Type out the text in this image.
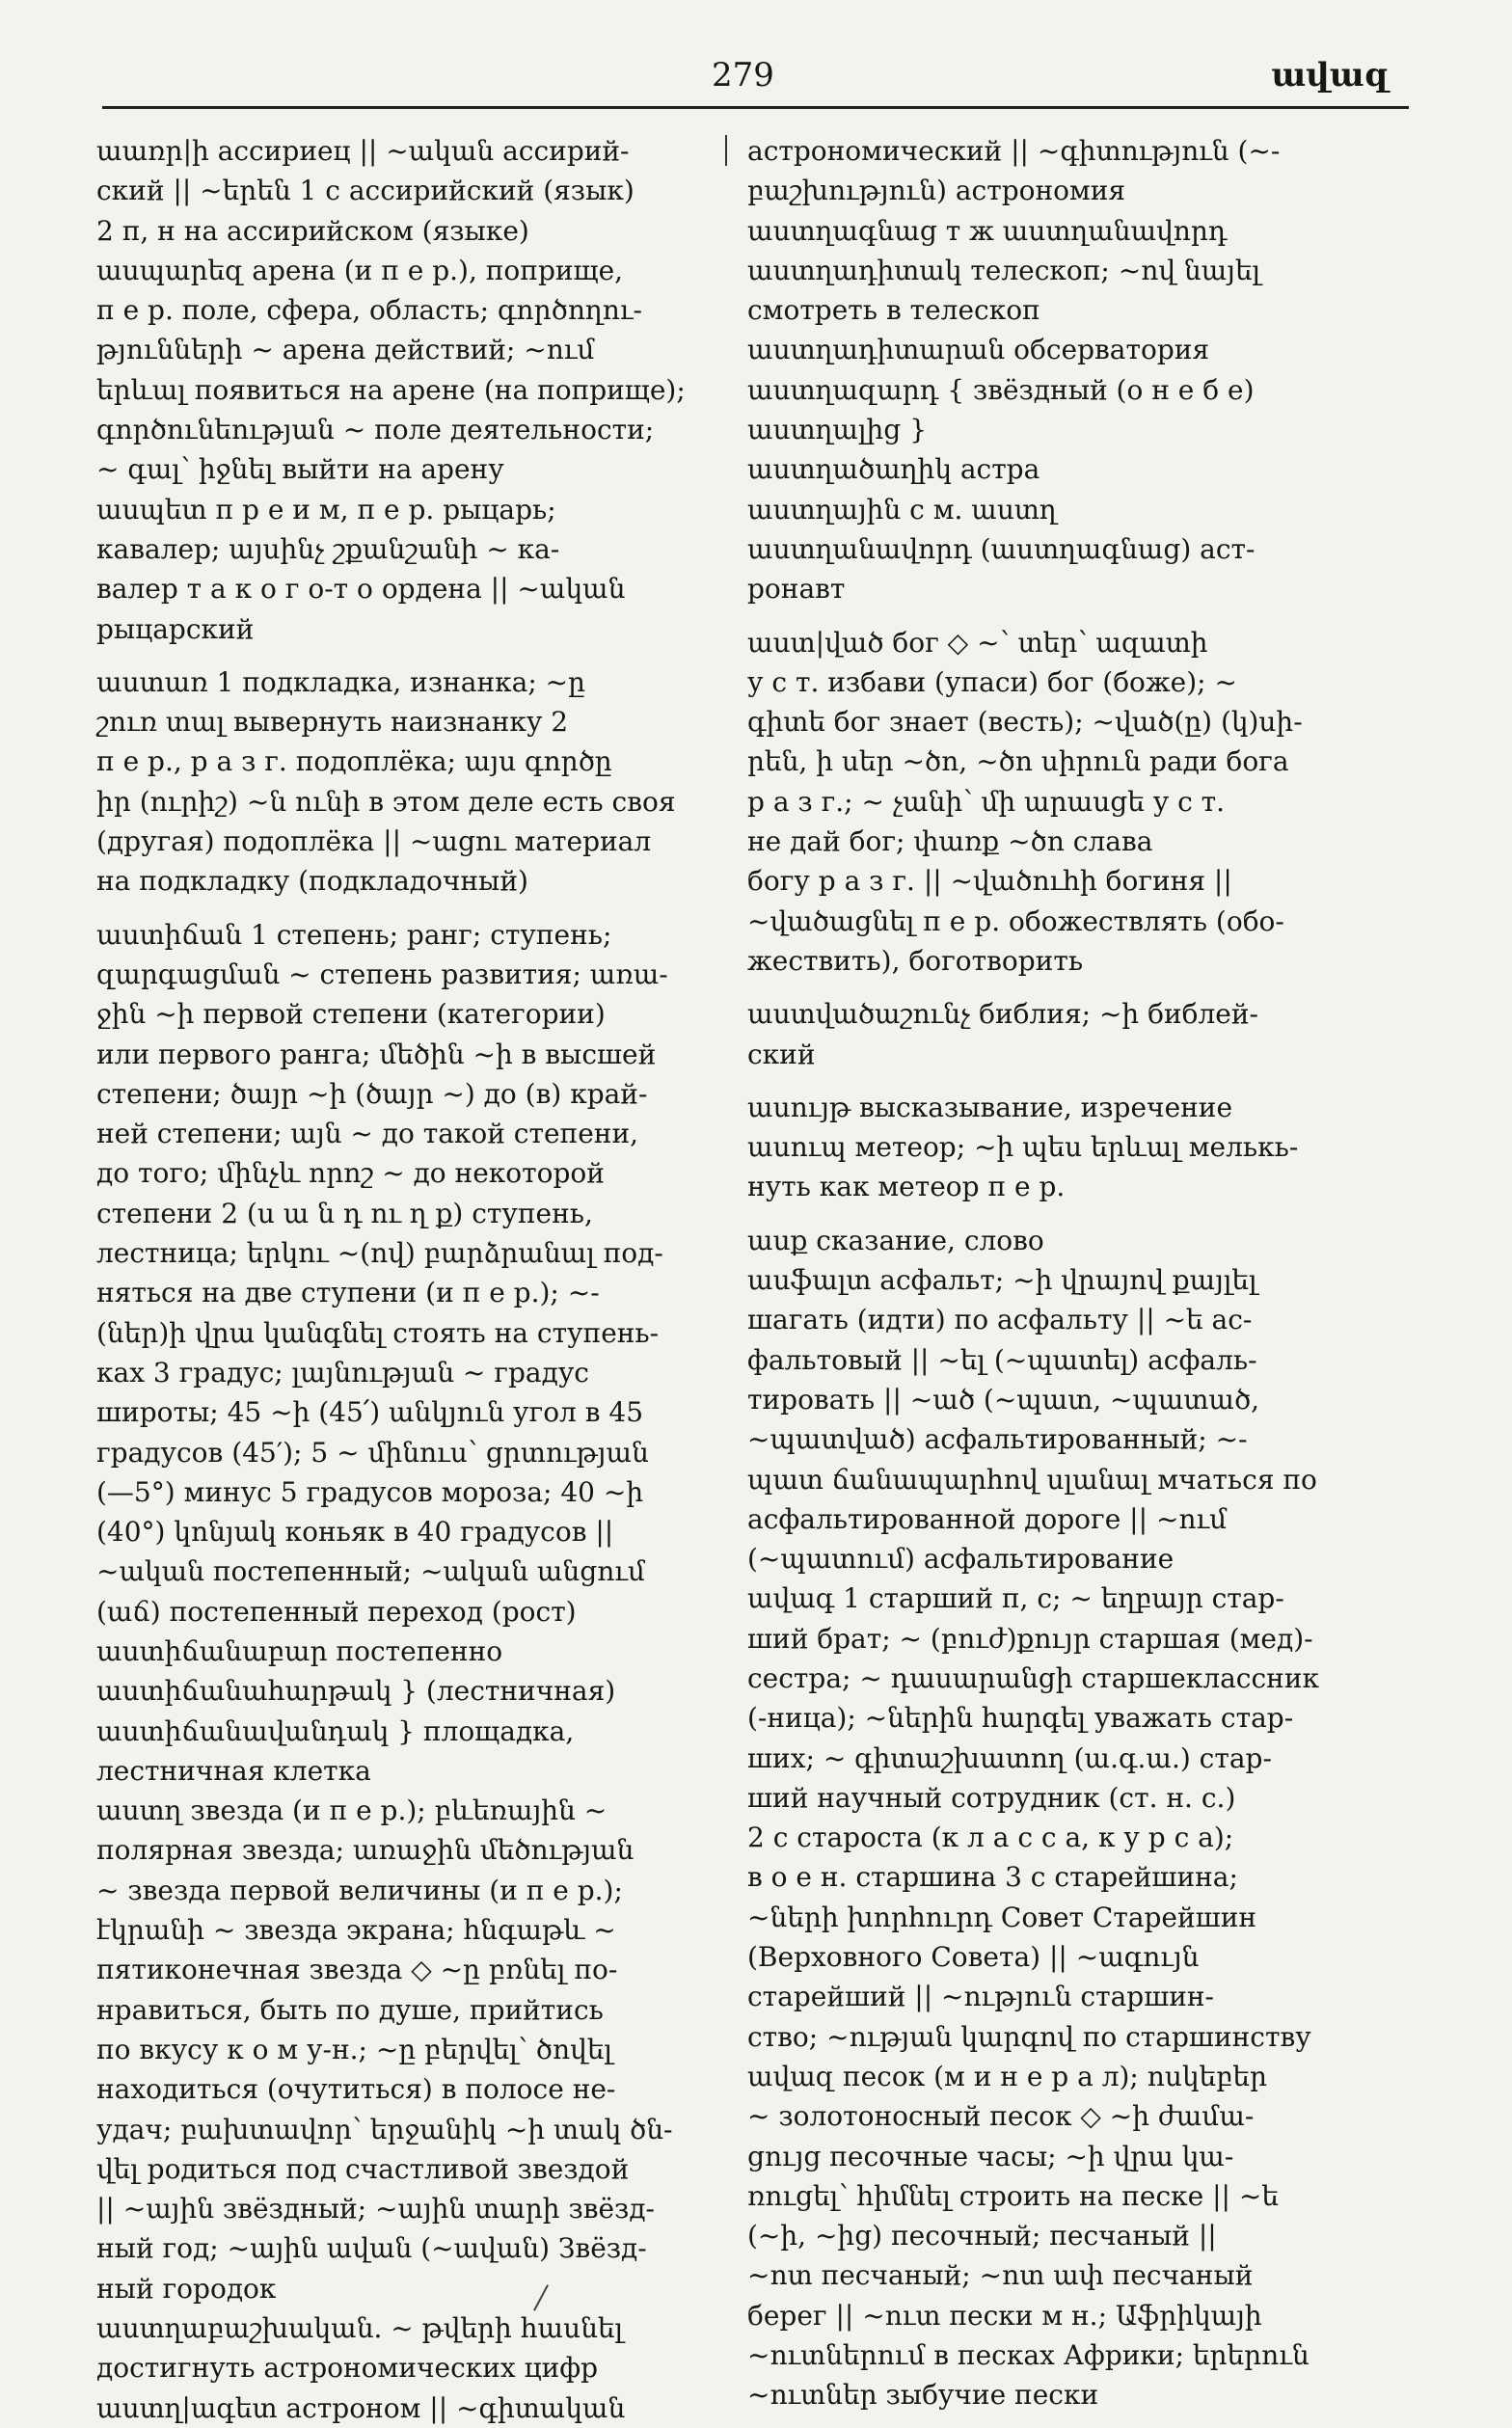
279	ավազ
աառր|ի ассириец || ~ական ассирий-
ский || ~երեն 1 с ассирийский (язык)
2 п, н на ассирийском (языке)
ասպարեզ арена (и п е р.), поприще,
п е р. поле, сфера, область; գործողու-
թյունների ~ арена действий; ~ում
երևալ появиться на арене (на поприще);
գործունեության ~ поле деятельности;
~ գալ՝ իջնել выйти на арену
ասպետ п р е и м, п е р. рыцарь;
кавалер; այսինչ շքանշանի ~ ка-
валер т а к о г о-т о ордена || ~ական
рыцарский
աստառ 1 подкладка, изнанка; ~ը
շուռ տալ вывернуть наизнанку 2
п е р., р а з г. подоплёка; այս գործը
իր (ուրիշ) ~ն ունի в этом деле есть своя
(другая) подоплёка || ~ացու материал
на подкладку (подкладочный)
աստիճան 1 степень; ранг; ступень;
զարգացման ~ степень развития; առա-
ջին ~ի первой степени (категории)
или первого ранга; մեծին ~ի в высшей
степени; ծայր ~ի (ծայր ~) до (в) край-
ней степени; այն ~ до такой степени,
до того; մինչև որոշ ~ до некоторой
степени 2 (ս ա ն դ ու ղ ք) ступень,
лестница; երկու ~(ով) բարձրանալ под-
няться на две ступени (и п е р.); ~-
(ներ)ի վրա կանգնել стоять на ступень-
ках 3 градус; լայնության ~ градус
широты; 45 ~ի (45՛) անկյուն угол в 45
градусов (45′); 5 ~ մինուս՝ ցրտության
(—5°) минус 5 градусов мороза; 40 ~ի
(40°) կոնյակ коньяк в 40 градусов ||
~ական постепенный; ~ական անցում
(աճ) постепенный переход (рост)
աստիճանաբար постепенно
աստիճանահարթակ } (лестничная)
աստիճանավանդակ } площадка,
лестничная клетка
աստղ звезда (и п е р.); բևեռային ~
полярная звезда; առաջին մեծության
~ звезда первой величины (и п е р.);
էկրանի ~ звезда экрана; հնգաթև ~
пятиконечная звезда ◇ ~ը բռնել по-
нравиться, быть по душе, прийтись
по вкусу к о м у-н.; ~ը բերվել՝ ծովել
находиться (очутиться) в полосе не-
удач; բախտավոր՝ երջանիկ ~ի տակ ծն-
վել родиться под счастливой звездой
|| ~ային звёздный; ~ային տարի звёзд-
ный год; ~ային ավան (~ավան) Звёзд-
ный городок
աստղաբաշխական. ~ թվերի հասնել
достигнуть астрономических цифр
աստղ|ագետ астроном || ~գիտական
астрономический || ~գիտություն (~-
բաշխություն) астрономия
աստղագնաց т ж աստղանավորդ
աստղադիտակ телескоп; ~ով նայել
смотреть в телескоп
աստղադիտարան обсерватория
աստղազարդ { звёздный (о н е б е)
աստղալից }
աստղածաղիկ астра
աստղային с м. աստղ
աստղանավորդ (աստղագնաց) аст-
ронавт
աստ|ված бог ◇ ~՝ տեր՝ ազատի
у с т. избави (упаси) бог (боже); ~
գիտե бог знает (весть); ~ված(ը) (կ)սի-
րեն, ի սեր ~ծո, ~ծո սիրուն ради бога
р а з г.; ~ չանի՝ մի արասցե у с т.
не дай бог; փառք ~ծո слава
богу р а з г. || ~վածուհի богиня ||
~վածացնել п е р. обожествлять (обо-
жествить), боготворить
աստվածաշունչ библия; ~ի библей-
ский
ասույթ высказывание, изречение
ասուպ метеор; ~ի պես երևալ мелькь-
нуть как метеор п е р.
ասք сказание, слово
ասֆալտ асфальт; ~ի վրայով քայլել
шагать (идти) по асфальту || ~ե ас-
фальтовый || ~ել (~պատել) асфаль-
тировать || ~ած (~պատ, ~պատած,
~պատված) асфальтированный; ~-
պատ ճանապարհով սլանալ мчаться по
асфальтированной дороге || ~ում
(~պատում) асфальтирование
ավագ 1 старший п, с; ~ եղբայր стар-
ший брат; ~ (բուժ)քույր старшая (мед)-
сестра; ~ դասարանցի старшеклассник
(-ница); ~ներին հարգել уважать стар-
ших; ~ գիտաշխատող (ա.գ.ա.) стар-
ший научный сотрудник (ст. н. с.)
2 с староста (к л а с с а, к у р с а);
в о е н. старшина 3 с старейшина;
~ների խորհուրդ Совет Старейшин
(Верховного Совета) || ~ագույն
старейший || ~ություն старшин-
ство; ~ության կարգով по старшинству
ավազ песок (м и н е р а л); ոսկեբեր
~ золотоносный песок ◇ ~ի ժամա-
ցույց песочные часы; ~ի վրա կա-
ռուցել՝ հիմնել строить на песке || ~ե
(~ի, ~ից) песочный; песчаный ||
~ոտ песчаный; ~ոտ ափ песчаный
берег || ~ուտ пески м н.; Աֆրիկայի
~ուտներում в песках Африки; երերուն
~ուտներ зыбучие пески
